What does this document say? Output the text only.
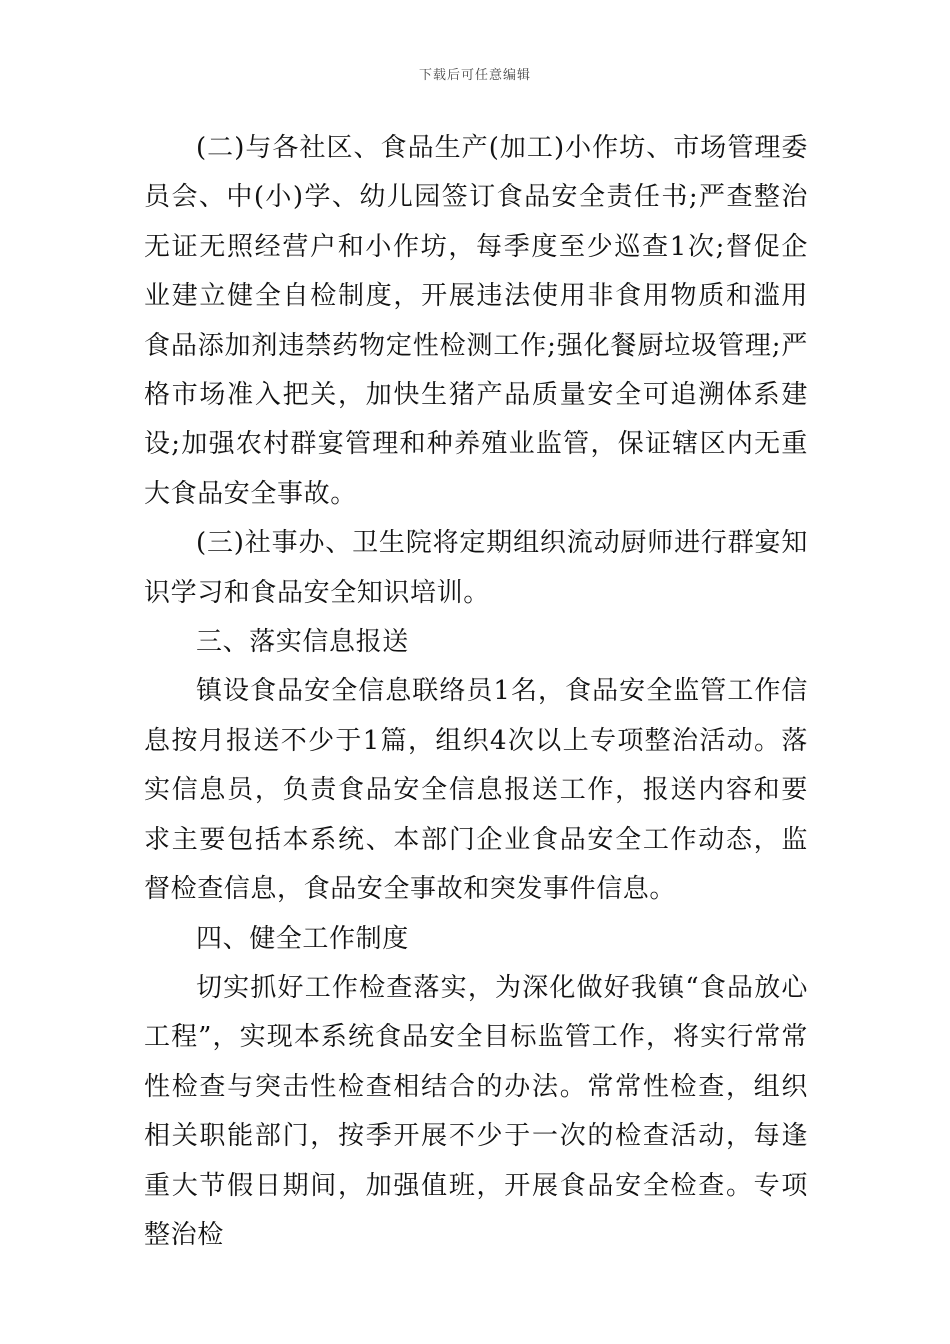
下载后可任意编辑

(二)与各社区、食品生产(加工)小作坊、市场管理委员会、中(小)学、幼儿园签订食品安全责任书;严查整治无证无照经营户和小作坊，每季度至少巡查1次;督促企业建立健全自检制度，开展违法使用非食用物质和滥用食品添加剂违禁药物定性检测工作;强化餐厨垃圾管理;严格市场准入把关，加快生猪产品质量安全可追溯体系建设;加强农村群宴管理和种养殖业监管，保证辖区内无重大食品安全事故。

(三)社事办、卫生院将定期组织流动厨师进行群宴知识学习和食品安全知识培训。

三、落实信息报送

镇设食品安全信息联络员1名，食品安全监管工作信息按月报送不少于1篇，组织4次以上专项整治活动。落实信息员，负责食品安全信息报送工作，报送内容和要求主要包括本系统、本部门企业食品安全工作动态，监督检查信息，食品安全事故和突发事件信息。

四、健全工作制度

切实抓好工作检查落实，为深化做好我镇“食品放心工程”，实现本系统食品安全目标监管工作，将实行常常性检查与突击性检查相结合的办法。常常性检查，组织相关职能部门，按季开展不少于一次的检查活动，每逢重大节假日期间，加强值班，开展食品安全检查。专项整治检
